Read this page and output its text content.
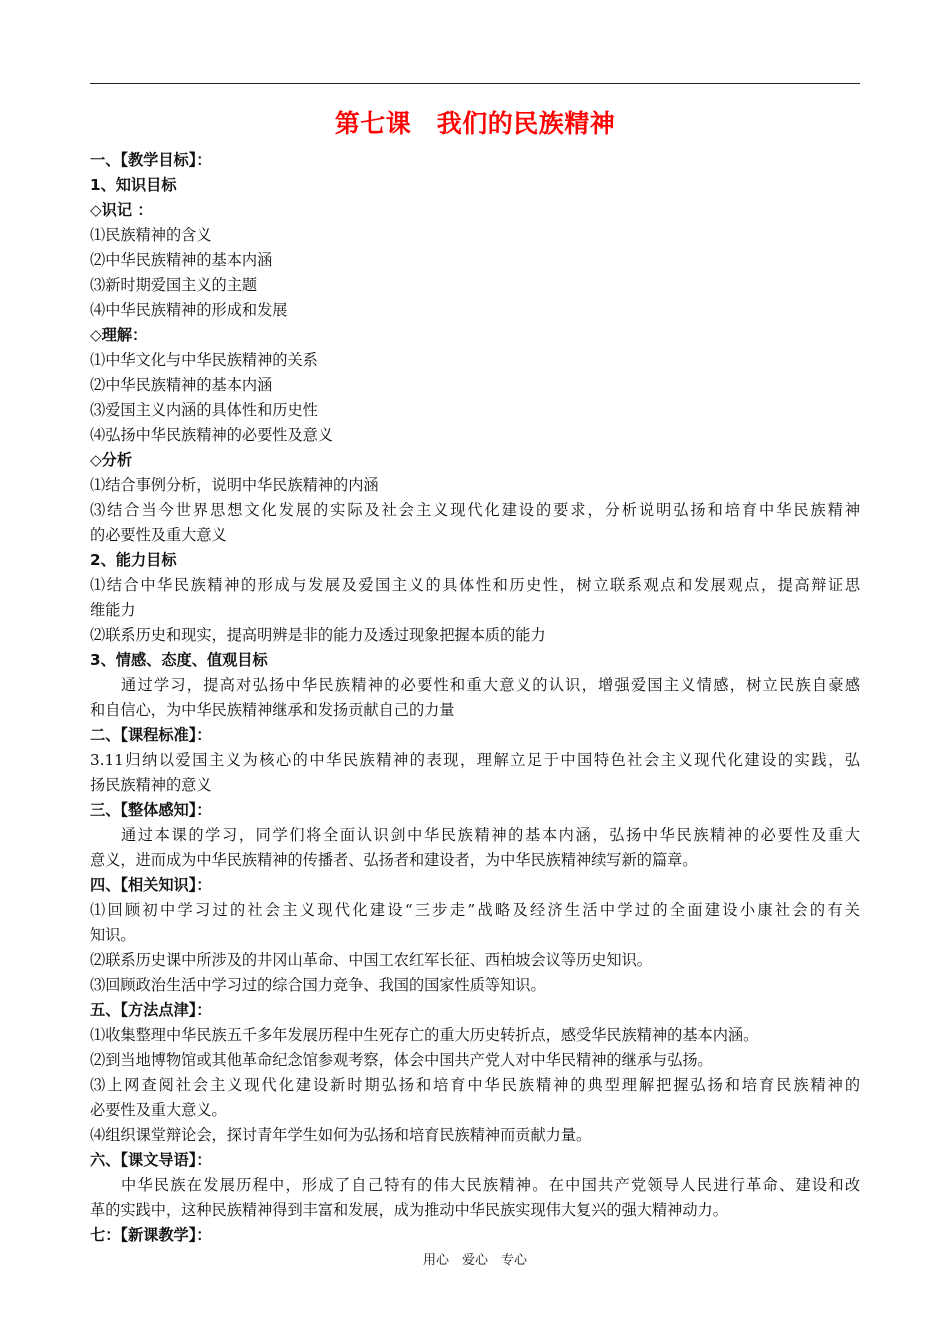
第七课　我们的民族精神
一、【教学目标】：
1、知识目标
◇识记 ：
⑴民族精神的含义
⑵中华民族精神的基本内涵
⑶新时期爱国主义的主题
⑷中华民族精神的形成和发展
◇理解：
⑴中华文化与中华民族精神的关系
⑵中华民族精神的基本内涵
⑶爱国主义内涵的具体性和历史性
⑷弘扬中华民族精神的必要性及意义
◇分析
⑴结合事例分析，说明中华民族精神的内涵
⑶结合当今世界思想文化发展的实际及社会主义现代化建设的要求，分析说明弘扬和培育中华民族精神
的必要性及重大意义
2、能力目标
⑴结合中华民族精神的形成与发展及爱国主义的具体性和历史性，树立联系观点和发展观点，提高辩证思
维能力
⑵联系历史和现实，提高明辨是非的能力及透过现象把握本质的能力
3、情感、态度、值观目标
通过学习，提高对弘扬中华民族精神的必要性和重大意义的认识，增强爱国主义情感，树立民族自豪感
和自信心，为中华民族精神继承和发扬贡献自己的力量
二、【课程标准】：
3.11归纳以爱国主义为核心的中华民族精神的表现，理解立足于中国特色社会主义现代化建设的实践，弘
扬民族精神的意义
三、【整体感知】：
通过本课的学习，同学们将全面认识剑中华民族精神的基本内涵，弘扬中华民族精神的必要性及重大
意义，进而成为中华民族精神的传播者、弘扬者和建设者，为中华民族精神续写新的篇章。
四、【相关知识】：
⑴回顾初中学习过的社会主义现代化建设“三步走”战略及经济生活中学过的全面建设小康社会的有关
知识。
⑵联系历史课中所涉及的井冈山革命、中国工农红军长征、西柏坡会议等历史知识。
⑶回顾政治生活中学习过的综合国力竞争、我国的国家性质等知识。
五、【方法点津】：
⑴收集整理中华民族五千多年发展历程中生死存亡的重大历史转折点，感受华民族精神的基本内涵。
⑵到当地博物馆或其他革命纪念馆参观考察，体会中国共产党人对中华民精神的继承与弘扬。
⑶上网查阅社会主义现代化建设新时期弘扬和培育中华民族精神的典型理解把握弘扬和培育民族精神的
必要性及重大意义。
⑷组织课堂辩论会，探讨青年学生如何为弘扬和培育民族精神而贡献力量。
六、【课文导语】：
中华民族在发展历程中，形成了自己特有的伟大民族精神。在中国共产党领导人民进行革命、建设和改
革的实践中，这种民族精神得到丰富和发展，成为推动中华民族实现伟大复兴的强大精神动力。
七：【新课教学】：
用心　爱心　专心
